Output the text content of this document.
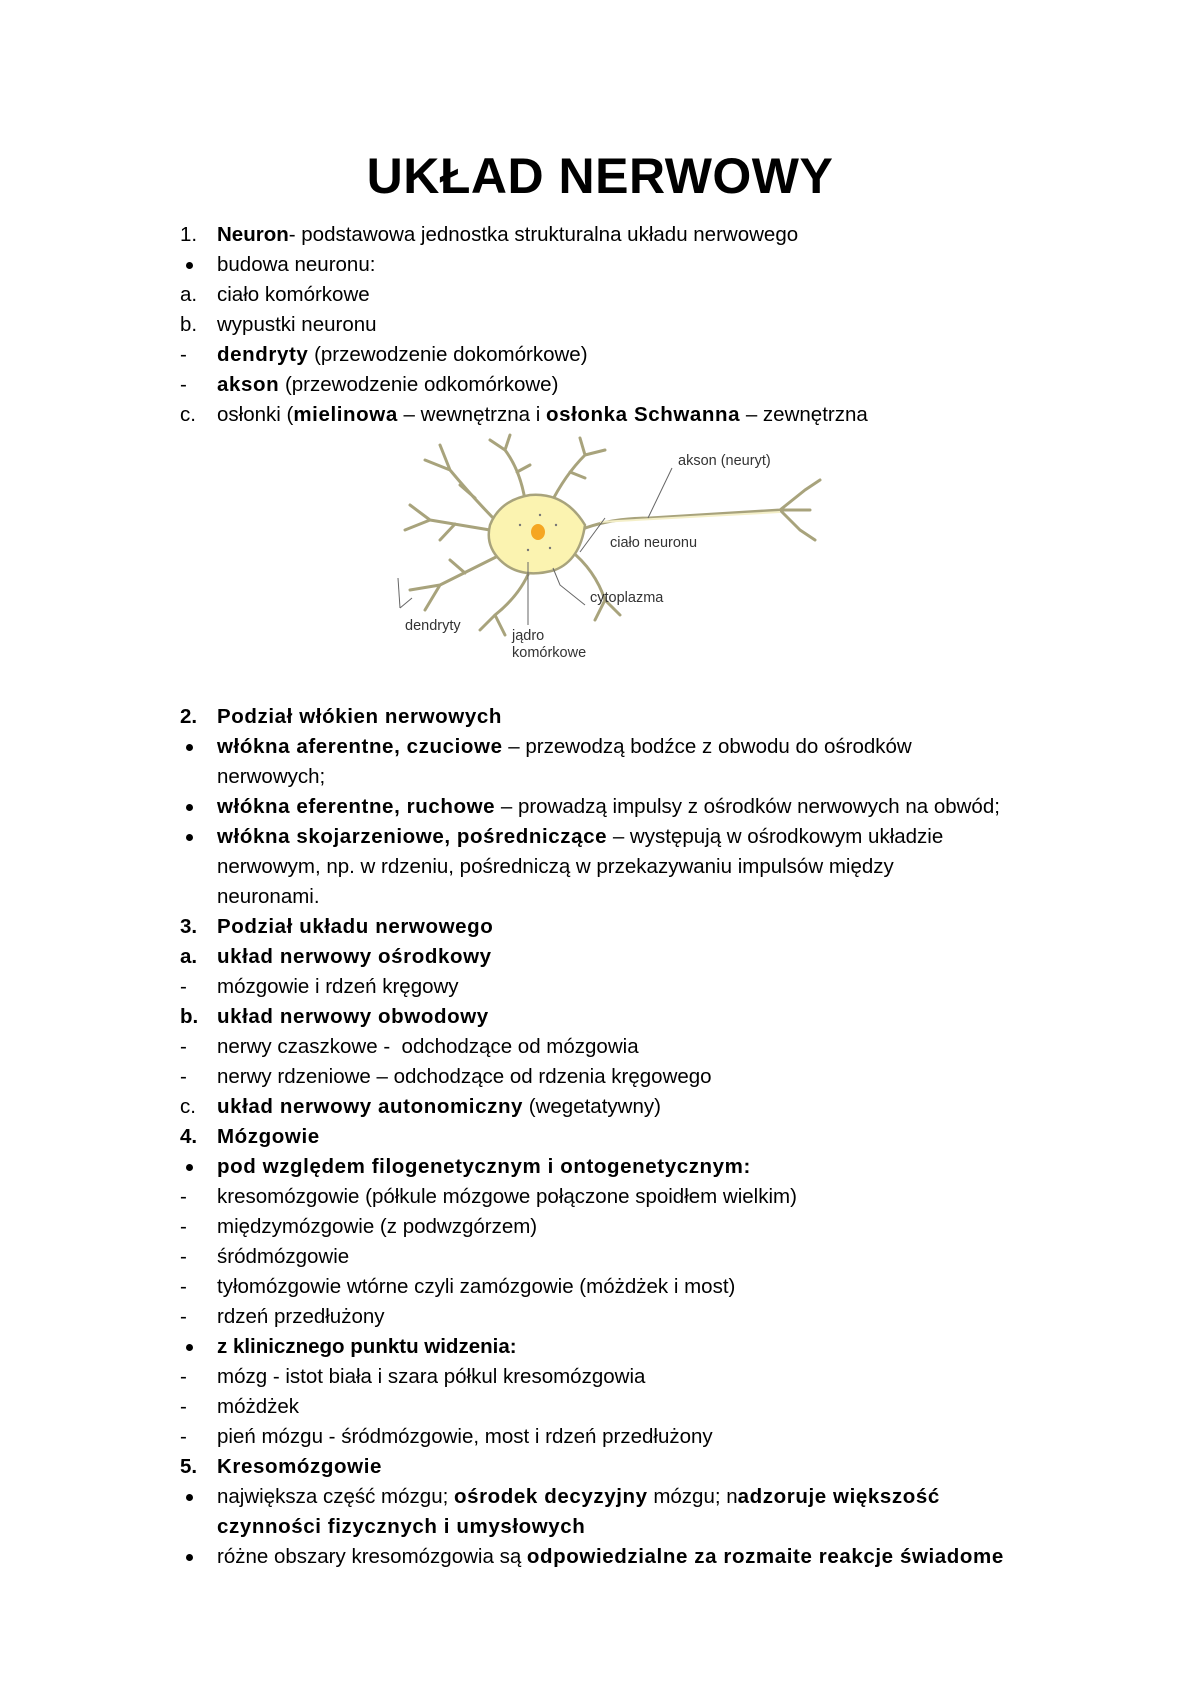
UKŁAD NERWOWY
1. Neuron- podstawowa jednostka strukturalna układu nerwowego
budowa neuronu:
a. ciało komórkowe
b. wypustki neuronu
-	dendryty (przewodzenie dokomórkowe)
-	akson (przewodzenie odkomórkowe)
c.	osłonki (mielinowa – wewnętrzna i osłonka Schwanna – zewnętrzna
akson (neuryt)
ciało neuronu
cytoplazma
dendryty
jądro
komórkowe
2. Podział włókien nerwowych
włókna aferentne, czuciowe – przewodzą bodźce z obwodu do ośrodków
nerwowych;
włókna eferentne, ruchowe – prowadzą impulsy z ośrodków nerwowych na obwód;
włókna skojarzeniowe, pośredniczące – występują w ośrodkowym układzie
nerwowym, np. w rdzeniu, pośredniczą w przekazywaniu impulsów między
neuronami.
3. Podział układu nerwowego
a. układ nerwowy ośrodkowy
-	mózgowie i rdzeń kręgowy
b. układ nerwowy obwodowy
-	nerwy czaszkowe -  odchodzące od mózgowia
-	nerwy rdzeniowe – odchodzące od rdzenia kręgowego
c.	układ nerwowy autonomiczny (wegetatywny)
4. Mózgowie
pod względem filogenetycznym i ontogenetycznym:
-	kresomózgowie (półkule mózgowe połączone spoidłem wielkim)
-	międzymózgowie (z podwzgórzem)
-	śródmózgowie
-	tyłomózgowie wtórne czyli zamózgowie (móżdżek i most)
-	rdzeń przedłużony
z klinicznego punktu widzenia:
-	mózg - istot biała i szara półkul kresomózgowia
-	móżdżek
-	pień mózgu - śródmózgowie, most i rdzeń przedłużony
5. Kresomózgowie
największa część mózgu; ośrodek decyzyjny mózgu; nadzoruje większość
czynności fizycznych i umysłowych
różne obszary kresomózgowia są odpowiedzialne za rozmaite reakcje świadome
